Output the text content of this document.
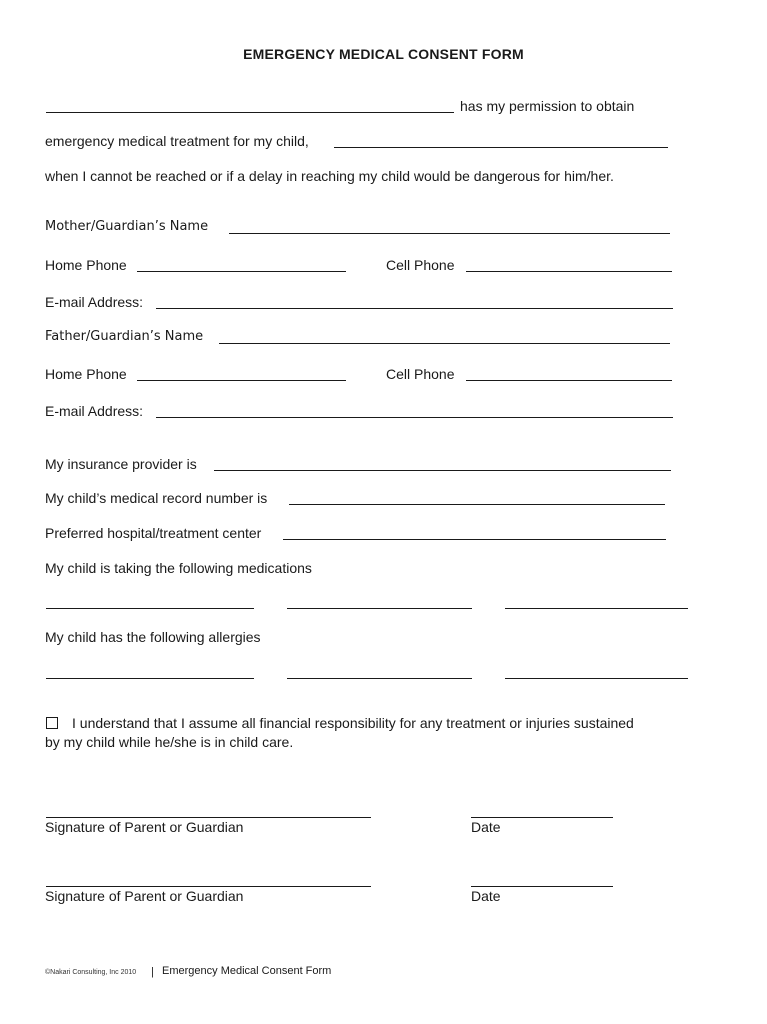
EMERGENCY MEDICAL CONSENT FORM
has my permission to obtain
emergency medical treatment for my child,
when I cannot be reached or if a delay in reaching my child would be dangerous for him/her.
Mother/Guardian’s Name
Home Phone	Cell Phone
E-mail Address:
Father/Guardian’s Name
Home Phone	Cell Phone
E-mail Address:
My insurance provider is
My child’s medical record number is
Preferred hospital/treatment center
My child is taking the following medications
My child has the following allergies
I understand that I assume all financial responsibility for any treatment or injuries sustained
by my child while he/she is in child care.
Signature of Parent or Guardian	Date
Signature of Parent or Guardian	Date
©Nakari Consulting, Inc 2010 | Emergency Medical Consent Form
